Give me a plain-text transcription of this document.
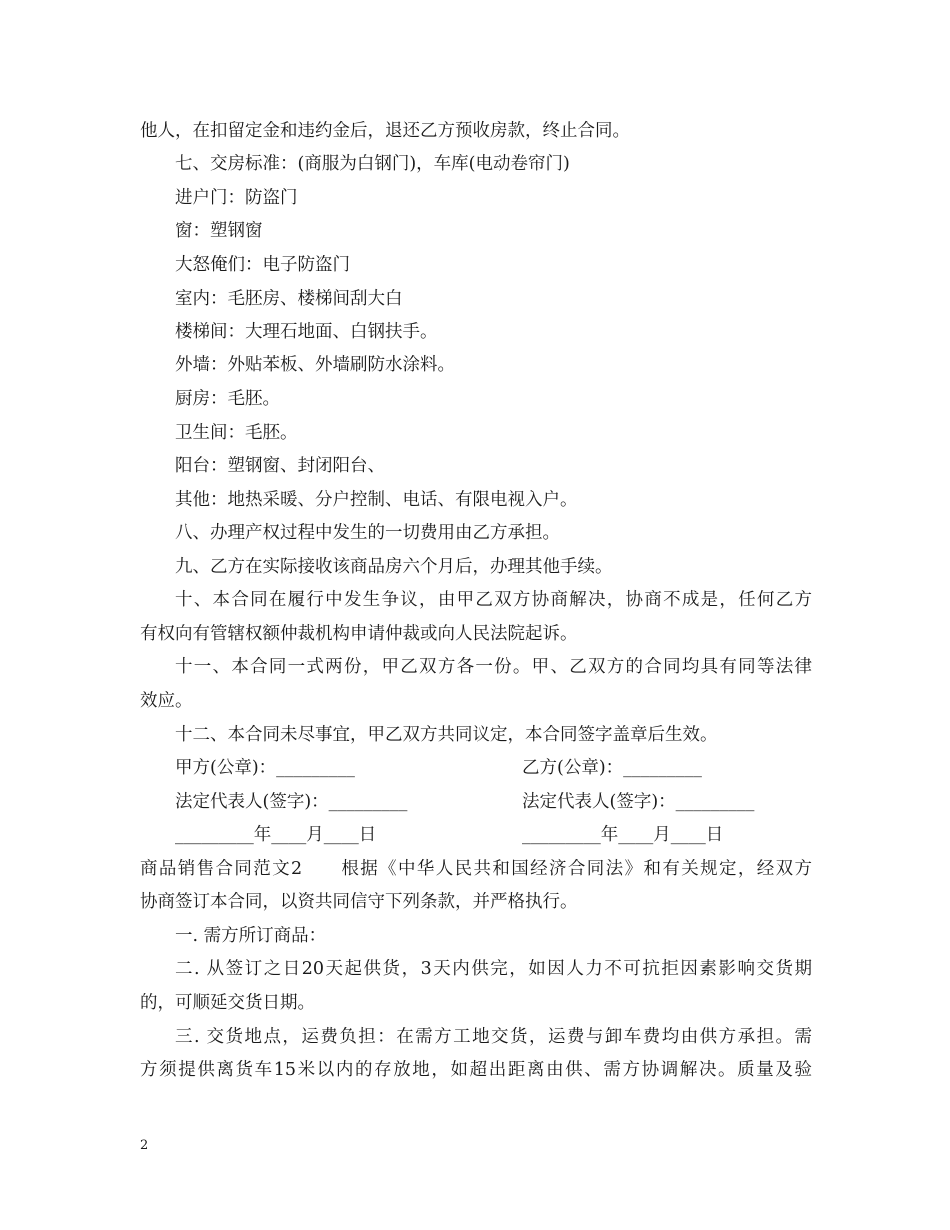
他人，在扣留定金和违约金后，退还乙方预收房款，终止合同。
七、交房标准：(商服为白钢门)，车库(电动卷帘门)
进户门：防盗门
窗：塑钢窗
大怒俺们：电子防盗门
室内：毛胚房、楼梯间刮大白
楼梯间：大理石地面、白钢扶手。
外墙：外贴苯板、外墙刷防水涂料。
厨房：毛胚。
卫生间：毛胚。
阳台：塑钢窗、封闭阳台、
其他：地热采暖、分户控制、电话、有限电视入户。
八、办理产权过程中发生的一切费用由乙方承担。
九、乙方在实际接收该商品房六个月后，办理其他手续。
十、本合同在履行中发生争议，由甲乙双方协商解决，协商不成是，任何乙方
有权向有管辖权额仲裁机构申请仲裁或向人民法院起诉。
十一、本合同一式两份，甲乙双方各一份。甲、乙双方的合同均具有同等法律
效应。
十二、本合同未尽事宜，甲乙双方共同议定，本合同签字盖章后生效。
甲方(公章)：_________	乙方(公章)：_________
法定代表人(签字)：_________	法定代表人(签字)：_________
_________年____月____日	_________年____月____日
商品销售合同范文2　　根据《中华人民共和国经济合同法》和有关规定，经双方
协商签订本合同，以资共同信守下列条款，并严格执行。
一. 需方所订商品：
二. 从签订之日20天起供货，3天内供完，如因人力不可抗拒因素影响交货期
的，可顺延交货日期。
三. 交货地点，运费负担：在需方工地交货，运费与卸车费均由供方承担。需
方须提供离货车15米以内的存放地，如超出距离由供、需方协调解决。质量及验
2
